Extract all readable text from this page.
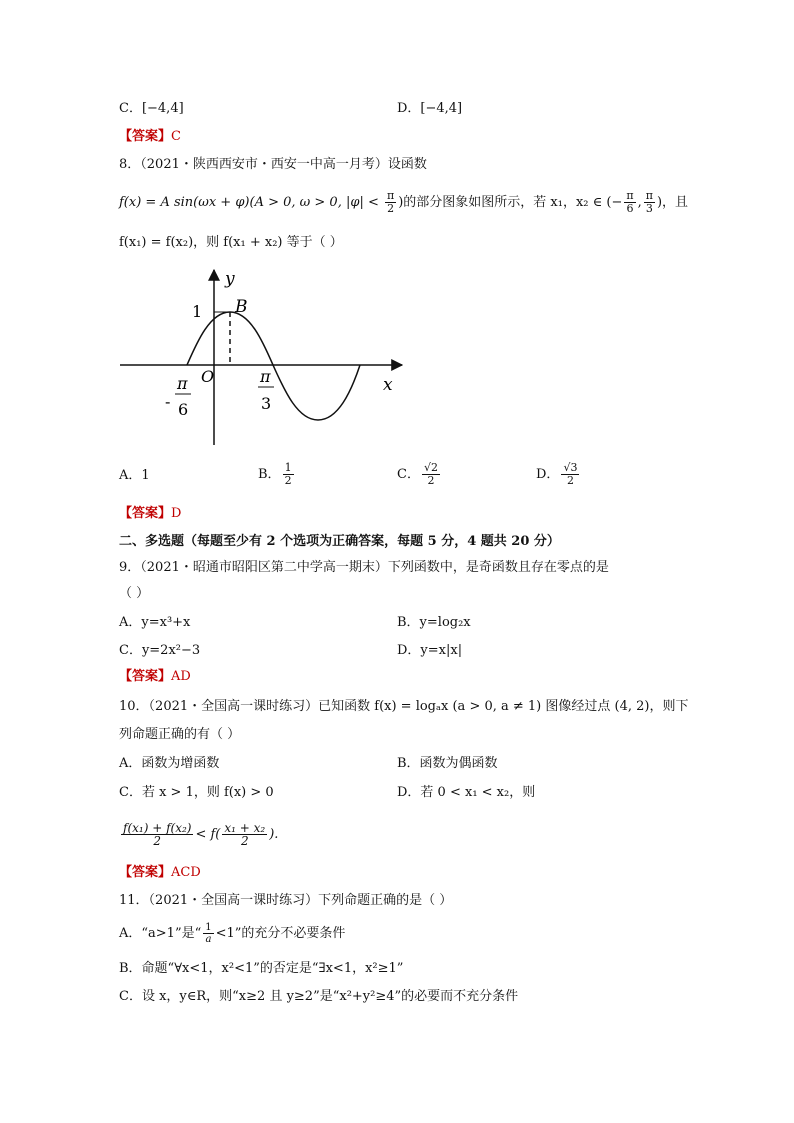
C．[−4,4]	D．[−4,4]
【答案】C
8．（2021・陕西西安市・西安一中高一月考）设函数
f(x) = A sin(ωx + φ)(A > 0, ω > 0, $|\varphi| < \frac{\pi}{2}$ )的部分图象如图所示，若 x₁，x₂ ∈ (− $\frac{\pi}{6}$ , $\frac{\pi}{3}$ )，且
f(x₁) = f(x₂)，则 f(x₁ + x₂) 等于（ ）
y
x
O
B
1
-
π
6
π
3
A．1	B． $\frac{1}{2}$	C． $\frac{√2}{2}$	D． $\frac{√3}{2}$
【答案】D
二、多选题（每题至少有 2 个选项为正确答案，每题 5 分，4 题共 20 分）
9．（2021・昭通市昭阳区第二中学高一期末）下列函数中，是奇函数且存在零点的是
（ ）
A．y=x³+x	B．y=log₂x
C．y=2x²−3	D．y=x|x|
【答案】AD
10．（2021・全国高一课时练习）已知函数 f(x) = logₐx (a > 0, a ≠ 1) 图像经过点 (4, 2)，则下
列命题正确的有（ ）
A．函数为增函数	B．函数为偶函数
C．若 x > 1，则 f(x) > 0	D．若 0 < x₁ < x₂，则
$\frac{\text{f(x₁) + f(x₂)}}{2} < f( \frac{\text{x₁ + x₂}}{2}$ ).
【答案】ACD
11．（2021・全国高一课时练习）下列命题正确的是（ ）
A．“a>1”是“ $\frac{1}{a} <1$”的充分不必要条件
B．命题“∀x<1，x²<1”的否定是“∃x<1，x²≥1”
C．设 x，y∈R，则“x≥2 且 y≥2”是“x²+y²≥4”的必要而不充分条件
